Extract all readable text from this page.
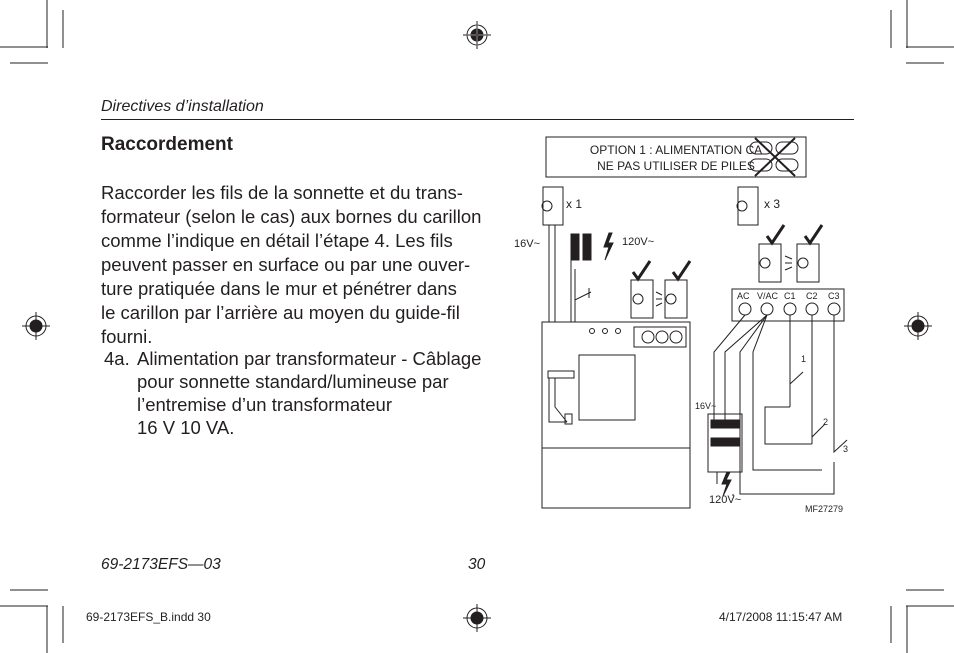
Directives d’installation
Raccordement
Raccorder les fils de la sonnette et du trans-
formateur (selon le cas) aux bornes du carillon
comme l’indique en détail l’étape 4. Les fils
peuvent passer en surface ou par une ouver-
ture pratiquée dans le mur et pénétrer dans
le carillon par l’arrière au moyen du guide-fil
fourni.
4a. Alimentation par transformateur - Câblage
pour sonnette standard/lumineuse par
l’entremise d’un transformateur
16 V 10 VA.
OPTION 1 : ALIMENTATION CA
NE PAS UTILISER DE PILES
x 1	x 3
16V~	120V~
AC V/AC C1 C2 C3
1
2
3
16V~
120V~
MF27279
69-2173EFS—03	30
69-2173EFS_B.indd 30	4/17/2008 11:15:47 AM
